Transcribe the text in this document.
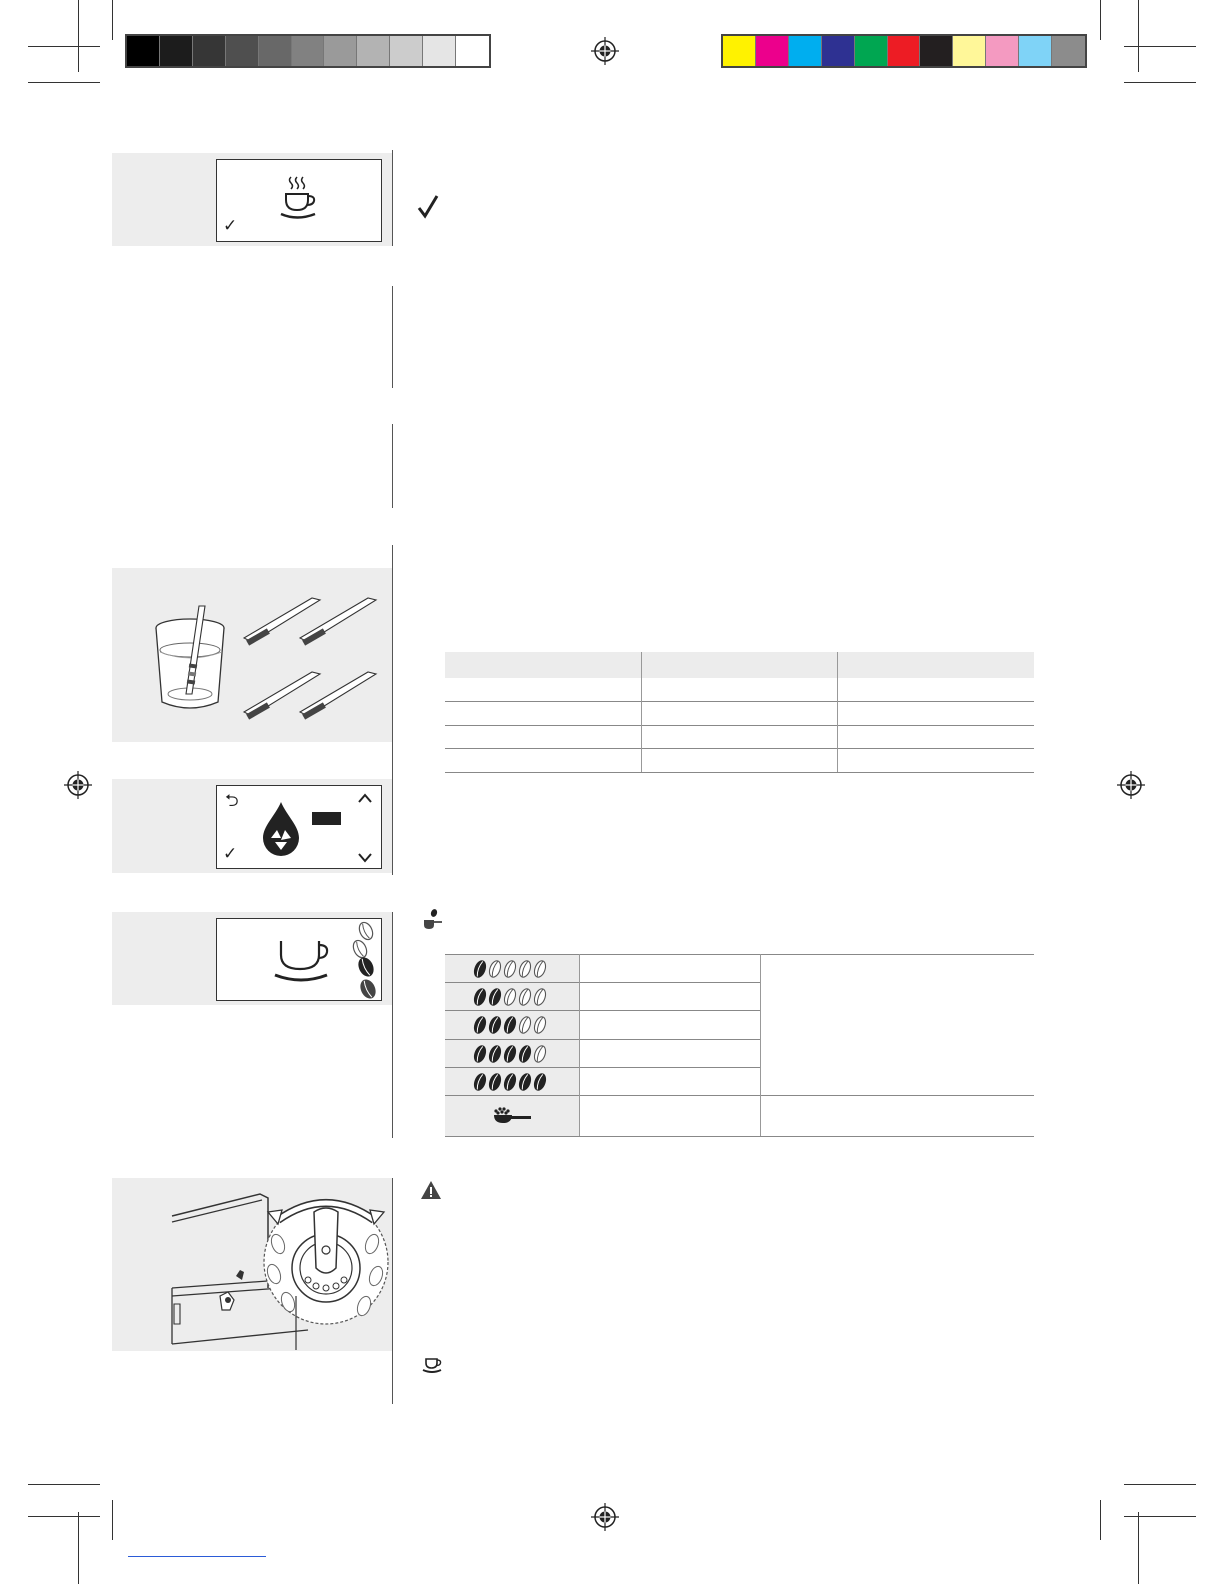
✓
⮌
✓
